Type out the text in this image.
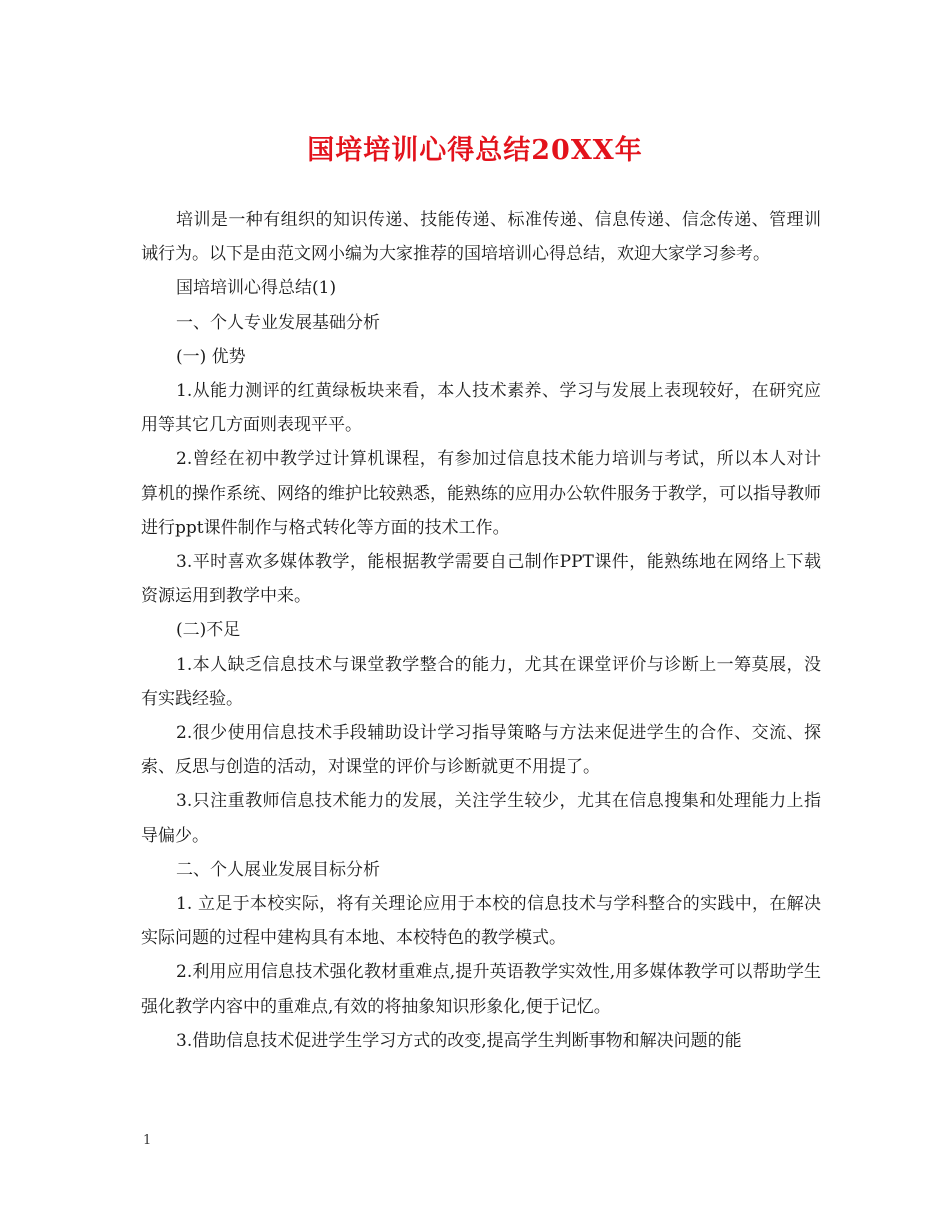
国培培训心得总结20XX年

培训是一种有组织的知识传递、技能传递、标准传递、信息传递、信念传递、管理训诫行为。以下是由范文网小编为大家推荐的国培培训心得总结，欢迎大家学习参考。

国培培训心得总结(1)

一、个人专业发展基础分析

(一) 优势

1.从能力测评的红黄绿板块来看，本人技术素养、学习与发展上表现较好，在研究应用等其它几方面则表现平平。

2.曾经在初中教学过计算机课程，有参加过信息技术能力培训与考试，所以本人对计算机的操作系统、网络的维护比较熟悉，能熟练的应用办公软件服务于教学，可以指导教师进行ppt课件制作与格式转化等方面的技术工作。

3.平时喜欢多媒体教学，能根据教学需要自己制作PPT课件，能熟练地在网络上下载资源运用到教学中来。

(二)不足

1.本人缺乏信息技术与课堂教学整合的能力，尤其在课堂评价与诊断上一筹莫展，没有实践经验。

2.很少使用信息技术手段辅助设计学习指导策略与方法来促进学生的合作、交流、探索、反思与创造的活动，对课堂的评价与诊断就更不用提了。

3.只注重教师信息技术能力的发展，关注学生较少，尤其在信息搜集和处理能力上指导偏少。

二、个人展业发展目标分析

1. 立足于本校实际，将有关理论应用于本校的信息技术与学科整合的实践中，在解决实际问题的过程中建构具有本地、本校特色的教学模式。

2.利用应用信息技术强化教材重难点,提升英语教学实效性,用多媒体教学可以帮助学生强化教学内容中的重难点,有效的将抽象知识形象化,便于记忆。

3.借助信息技术促进学生学习方式的改变,提高学生判断事物和解决问题的能

1
